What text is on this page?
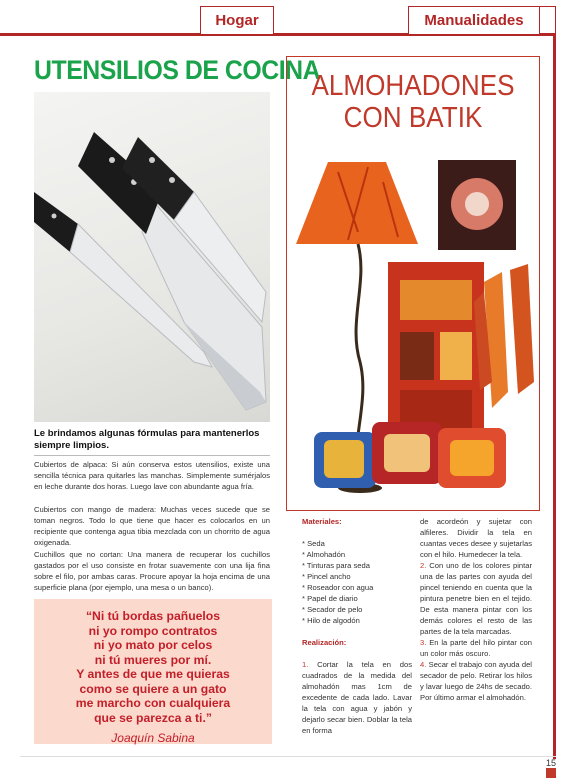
Hogar	Manualidades
UTENSILIOS DE COCINA
Le brindamos algunas fórmulas para mantenerlos siempre limpios.
Cubiertos de alpaca: Si aún conserva estos utensilios, existe una sencilla técnica para quitarles las manchas. Simplemente sumérjalos en leche durante dos horas. Luego lave con abundante agua fría.
Cubiertos con mango de madera: Muchas veces sucede que se toman negros. Todo lo que tiene que hacer es colocarlos en un recipiente que contenga agua tibia mezclada con un chorrito de agua oxigenada.
Cuchillos que no cortan: Una manera de recuperar los cuchillos gastados por el uso consiste en frotar suavemente con una lija fina sobre el filo, por ambas caras. Procure apoyar la hoja encima de una superficie plana (por ejemplo, una mesa o un banco).
“Ni tú bordas pañuelos
ni yo rompo contratos
ni yo mato por celos
ni tú mueres por mí.
Y antes de que me quieras
como se quiere a un gato
me marcho con cualquiera
que se parezca a ti.”
Joaquín Sabina
ALMOHADONES
CON BATIK
Materiales:
* Seda
* Almohadón
* Tinturas para seda
* Pincel ancho
* Roseador con agua
* Papel de diario
* Secador de pelo
* Hilo de algodón
Realización:
1. Cortar la tela en dos cuadrados de la medida del almohadón mas 1cm de excedente de cada lado. Lavar la tela con agua y jabón y dejarlo secar bien. Doblar la tela en forma
de acordeón y sujetar con alfileres. Dividir la tela en cuantas veces desee y sujetarlas con el hilo. Humedecer la tela.
2. Con uno de los colores pintar una de las partes con ayuda del pincel teniendo en cuenta que la pintura penetre bien en el tejido. De esta manera pintar con los demás colores el resto de las partes de la tela marcadas.
3. En la parte del hilo pintar con un color más oscuro.
4. Secar el trabajo con ayuda del secador de pelo. Retirar los hilos y lavar luego de 24hs de secado. Por último armar el almohadón.
15
